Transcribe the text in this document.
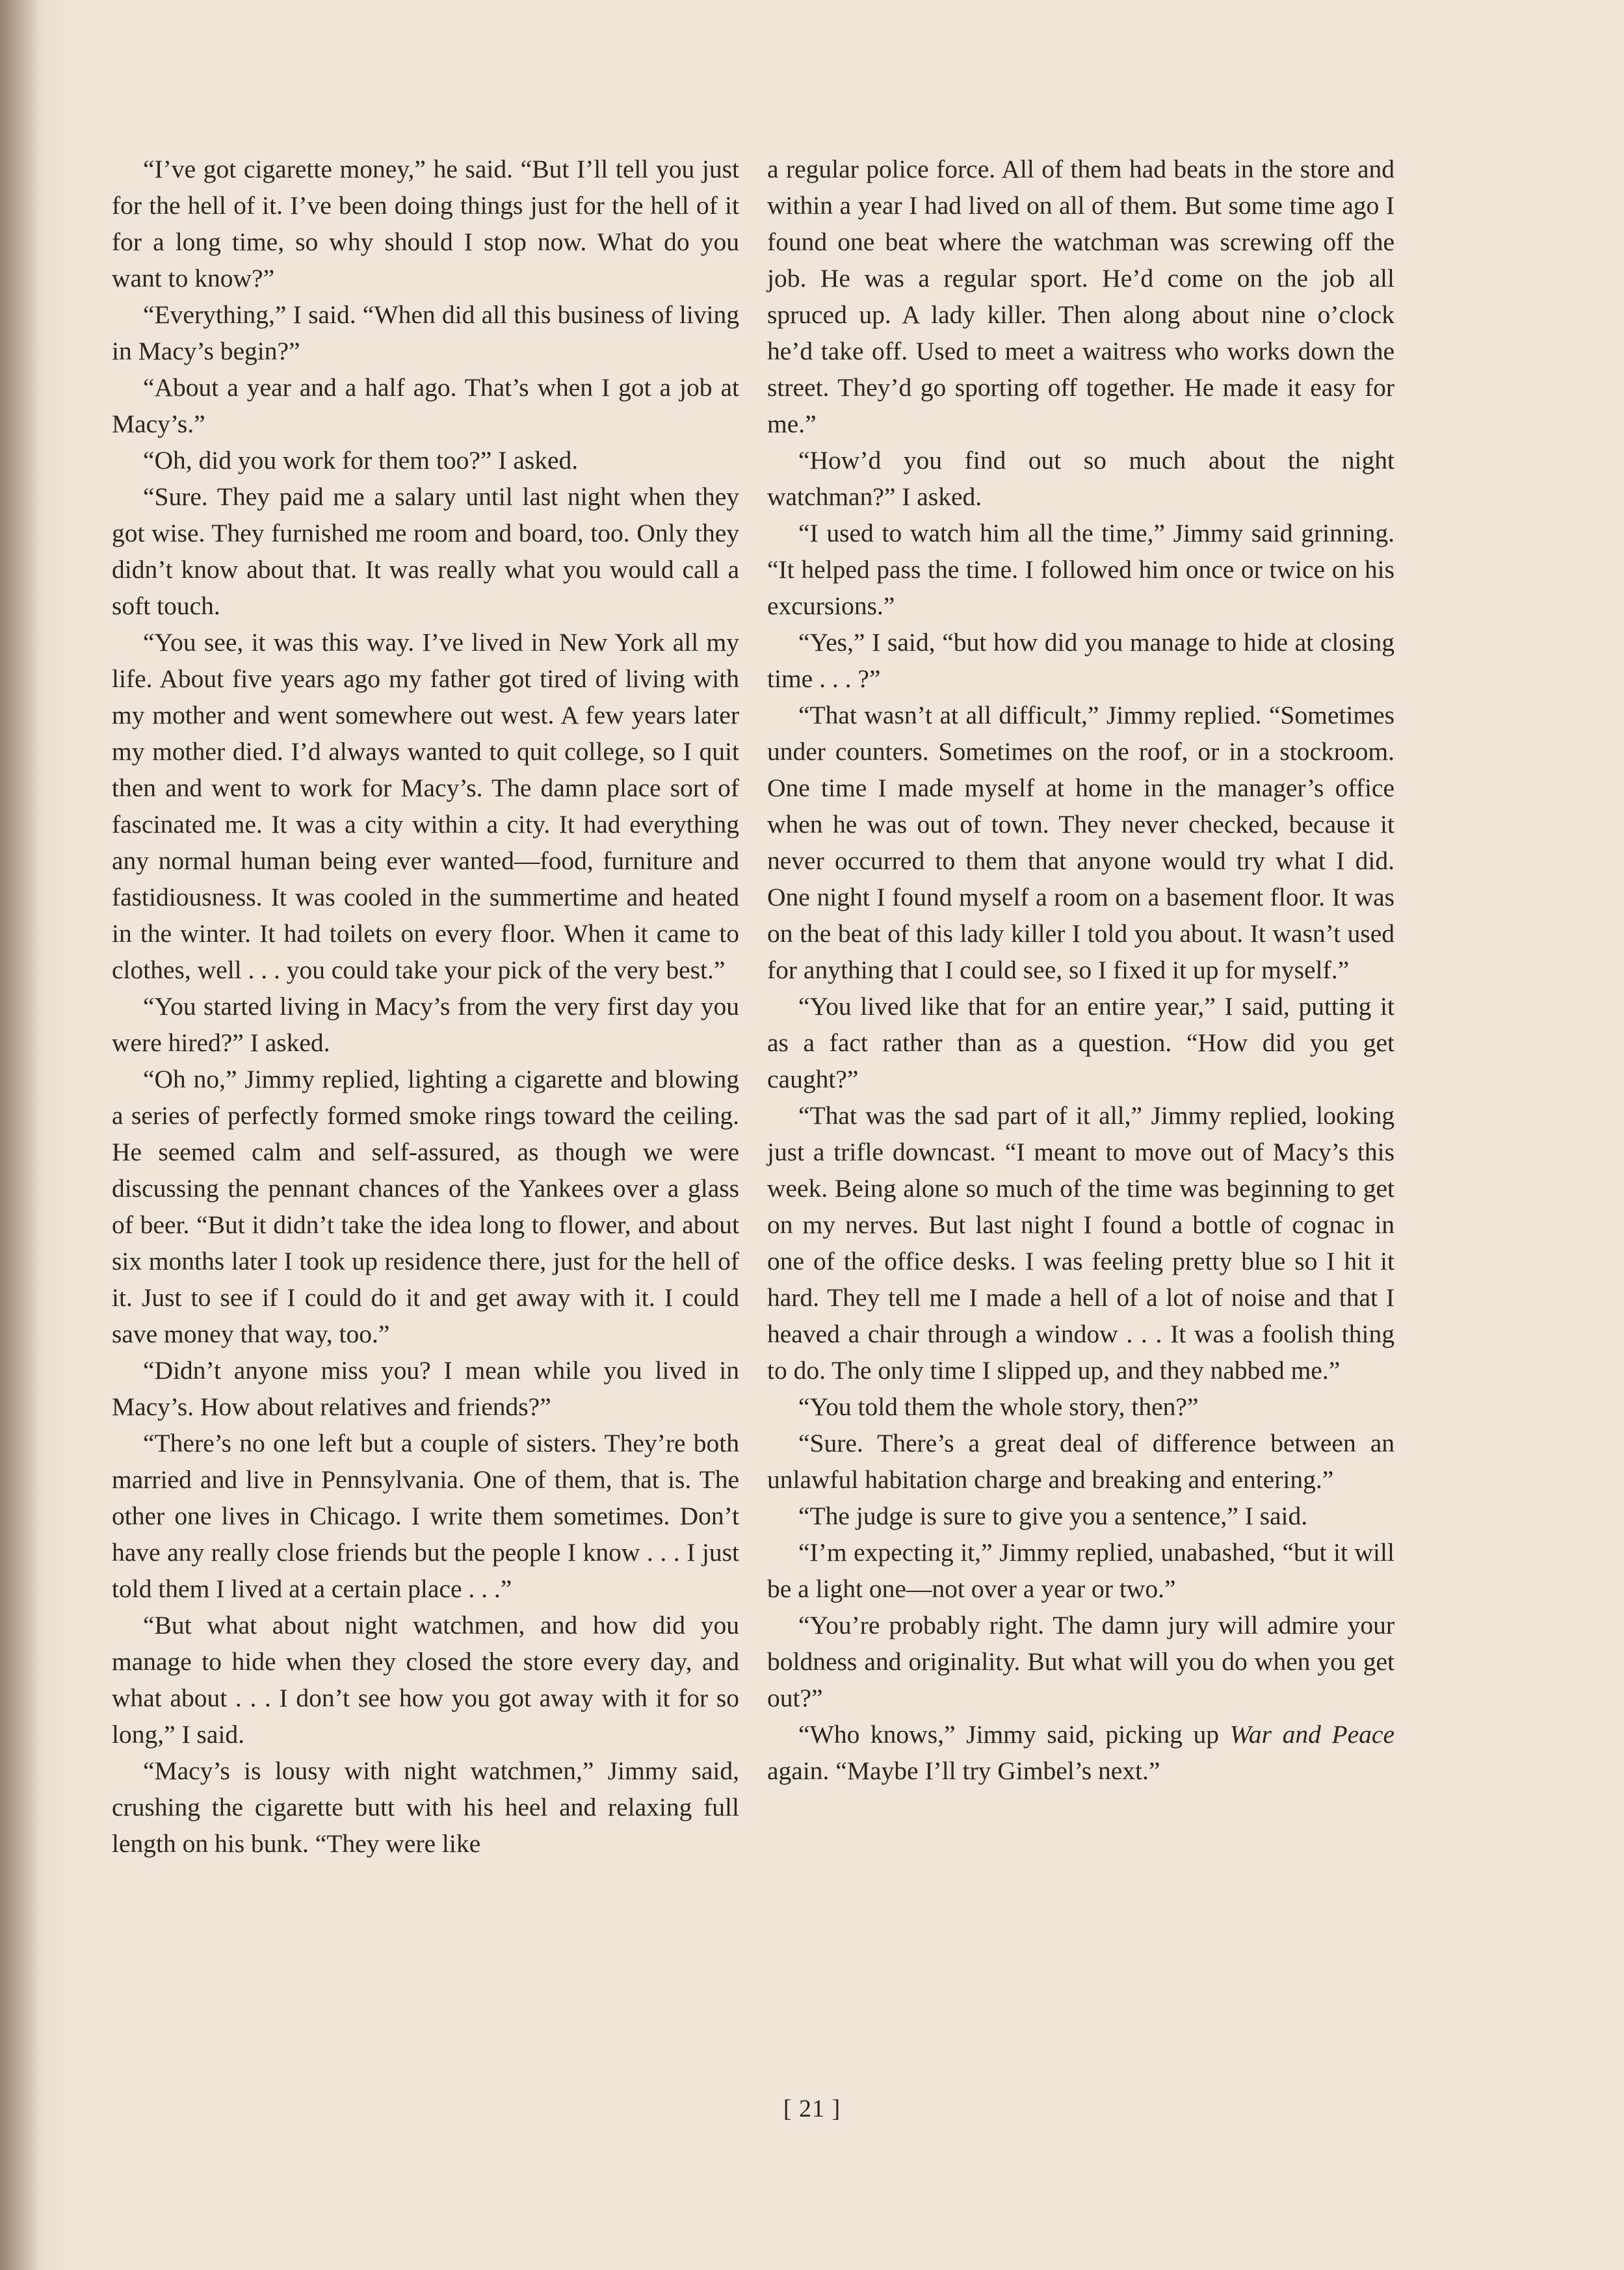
“I’ve got cigarette money,” he said. “But I’ll tell you just for the hell of it. I’ve been doing things just for the hell of it for a long time, so why should I stop now. What do you want to know?”

“Everything,” I said. “When did all this business of living in Macy’s begin?”

“About a year and a half ago. That’s when I got a job at Macy’s.”

“Oh, did you work for them too?” I asked.

“Sure. They paid me a salary until last night when they got wise. They furnished me room and board, too. Only they didn’t know about that. It was really what you would call a soft touch.

“You see, it was this way. I’ve lived in New York all my life. About five years ago my father got tired of living with my mother and went somewhere out west. A few years later my mother died. I’d always wanted to quit college, so I quit then and went to work for Macy’s. The damn place sort of fascinated me. It was a city within a city. It had everything any normal human being ever wanted—food, furniture and fastidiousness. It was cooled in the summertime and heated in the winter. It had toilets on every floor. When it came to clothes, well . . . you could take your pick of the very best.”

“You started living in Macy’s from the very first day you were hired?” I asked.

“Oh no,” Jimmy replied, lighting a cigarette and blowing a series of perfectly formed smoke rings toward the ceiling. He seemed calm and self-assured, as though we were discussing the pennant chances of the Yankees over a glass of beer. “But it didn’t take the idea long to flower, and about six months later I took up residence there, just for the hell of it. Just to see if I could do it and get away with it. I could save money that way, too.”

“Didn’t anyone miss you? I mean while you lived in Macy’s. How about relatives and friends?”

“There’s no one left but a couple of sisters. They’re both married and live in Pennsylvania. One of them, that is. The other one lives in Chicago. I write them sometimes. Don’t have any really close friends but the people I know . . . I just told them I lived at a certain place . . .”

“But what about night watchmen, and how did you manage to hide when they closed the store every day, and what about . . . I don’t see how you got away with it for so long,” I said.

“Macy’s is lousy with night watchmen,” Jimmy said, crushing the cigarette butt with his heel and relaxing full length on his bunk. “They were like

a regular police force. All of them had beats in the store and within a year I had lived on all of them. But some time ago I found one beat where the watchman was screwing off the job. He was a regular sport. He’d come on the job all spruced up. A lady killer. Then along about nine o’clock he’d take off. Used to meet a waitress who works down the street. They’d go sporting off together. He made it easy for me.”

“How’d you find out so much about the night watchman?” I asked.

“I used to watch him all the time,” Jimmy said grinning. “It helped pass the time. I followed him once or twice on his excursions.”

“Yes,” I said, “but how did you manage to hide at closing time . . . ?”

“That wasn’t at all difficult,” Jimmy replied. “Sometimes under counters. Sometimes on the roof, or in a stockroom. One time I made myself at home in the manager’s office when he was out of town. They never checked, because it never occurred to them that anyone would try what I did. One night I found myself a room on a basement floor. It was on the beat of this lady killer I told you about. It wasn’t used for anything that I could see, so I fixed it up for myself.”

“You lived like that for an entire year,” I said, putting it as a fact rather than as a question. “How did you get caught?”

“That was the sad part of it all,” Jimmy replied, looking just a trifle downcast. “I meant to move out of Macy’s this week. Being alone so much of the time was beginning to get on my nerves. But last night I found a bottle of cognac in one of the office desks. I was feeling pretty blue so I hit it hard. They tell me I made a hell of a lot of noise and that I heaved a chair through a window . . . It was a foolish thing to do. The only time I slipped up, and they nabbed me.”

“You told them the whole story, then?”

“Sure. There’s a great deal of difference between an unlawful habitation charge and breaking and entering.”

“The judge is sure to give you a sentence,” I said.

“I’m expecting it,” Jimmy replied, unabashed, “but it will be a light one—not over a year or two.”

“You’re probably right. The damn jury will admire your boldness and originality. But what will you do when you get out?”

“Who knows,” Jimmy said, picking up War and Peace again. “Maybe I’ll try Gimbel’s next.”

[ 21 ]
